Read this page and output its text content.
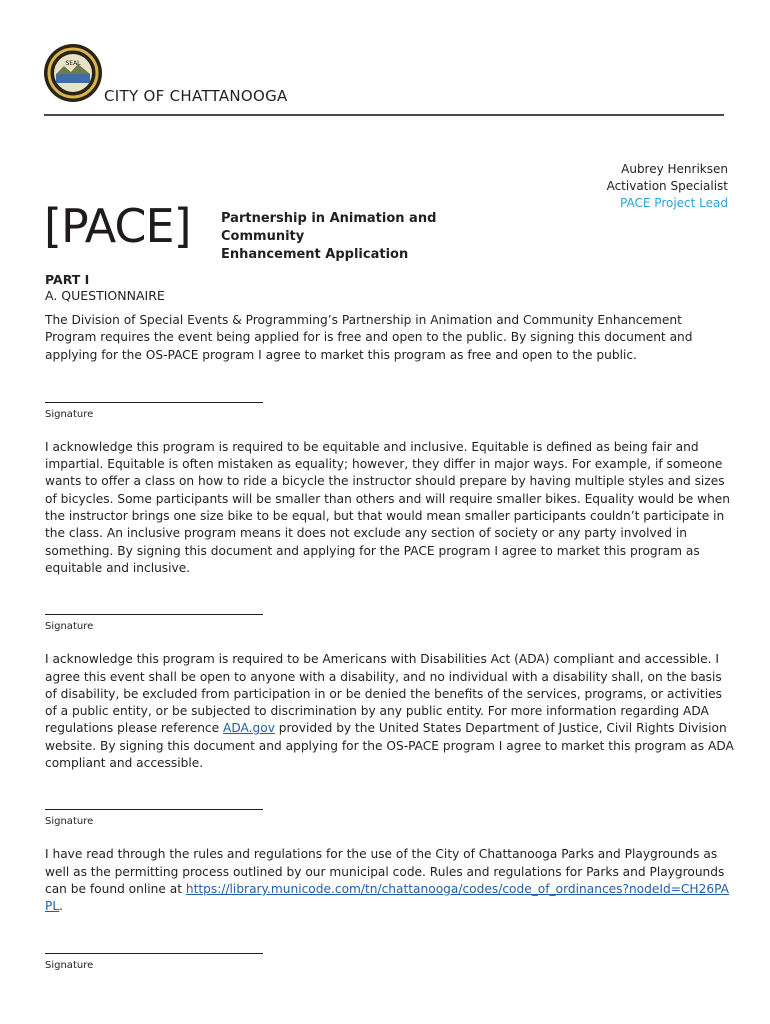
SEAL
CITY OF CHATTANOOGA
Aubrey Henriksen
Activation Specialist
PACE Project Lead
[PACE] Partnership in Animation and Community
Enhancement Application
PART I
A. QUESTIONNAIRE

The Division of Special Events & Programming’s Partnership in Animation and Community Enhancement Program requires the event being applied for is free and open to the public. By signing this document and applying for the OS-PACE program I agree to market this program as free and open to the public.

Signature

I acknowledge this program is required to be equitable and inclusive. Equitable is defined as being fair and impartial. Equitable is often mistaken as equality; however, they differ in major ways. For example, if someone wants to offer a class on how to ride a bicycle the instructor should prepare by having multiple styles and sizes of bicycles. Some participants will be smaller than others and will require smaller bikes. Equality would be when the instructor brings one size bike to be equal, but that would mean smaller participants couldn’t participate in the class. An inclusive program means it does not exclude any section of society or any party involved in something. By signing this document and applying for the PACE program I agree to market this program as equitable and inclusive.

Signature

I acknowledge this program is required to be Americans with Disabilities Act (ADA) compliant and accessible. I agree this event shall be open to anyone with a disability, and no individual with a disability shall, on the basis of disability, be excluded from participation in or be denied the benefits of the services, programs, or activities of a public entity, or be subjected to discrimination by any public entity. For more information regarding ADA regulations please reference ADA.gov provided by the United States Department of Justice, Civil Rights Division website. By signing this document and applying for the OS-PACE program I agree to market this program as ADA compliant and accessible.

Signature

I have read through the rules and regulations for the use of the City of Chattanooga Parks and Playgrounds as well as the permitting process outlined by our municipal code. Rules and regulations for Parks and Playgrounds can be found online at https://library.municode.com/tn/chattanooga/codes/code_of_ordinances?nodeId=CH26PAPL.

Signature
